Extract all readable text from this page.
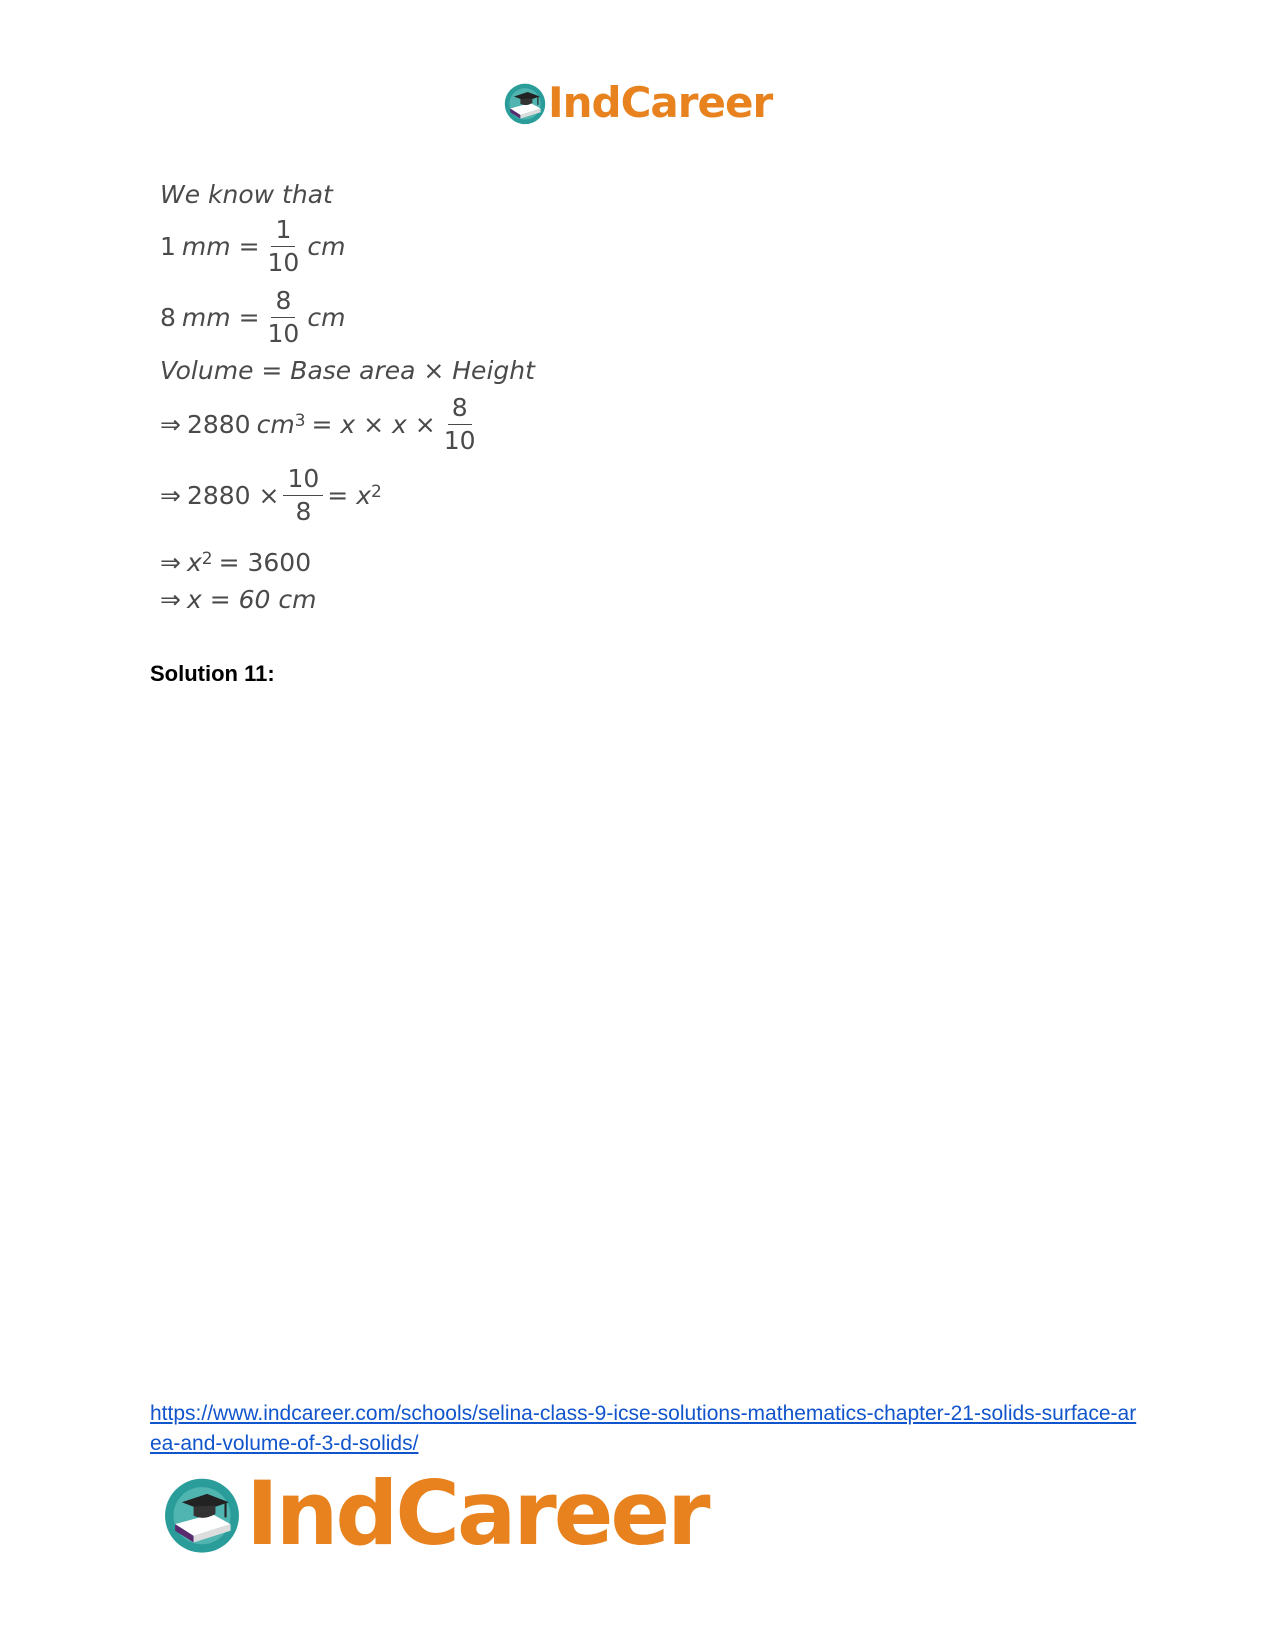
IndCareer
We know that
1 mm = $\frac{1}{10}$ cm
8 mm = $\frac{8}{10}$ cm
Volume = Base area × Height
⇒ 2880 $cm^3 = x \times x \times \frac{8}{10}$
⇒ $2880 \times \frac{10}{8} = x^2$
⇒ $x^2 = 3600$
⇒ x = 60 cm
Solution 11:
https://www.indcareer.com/schools/selina-class-9-icse-solutions-mathematics-chapter-21-solids-surface-area-and-volume-of-3-d-solids/
IndCareer
